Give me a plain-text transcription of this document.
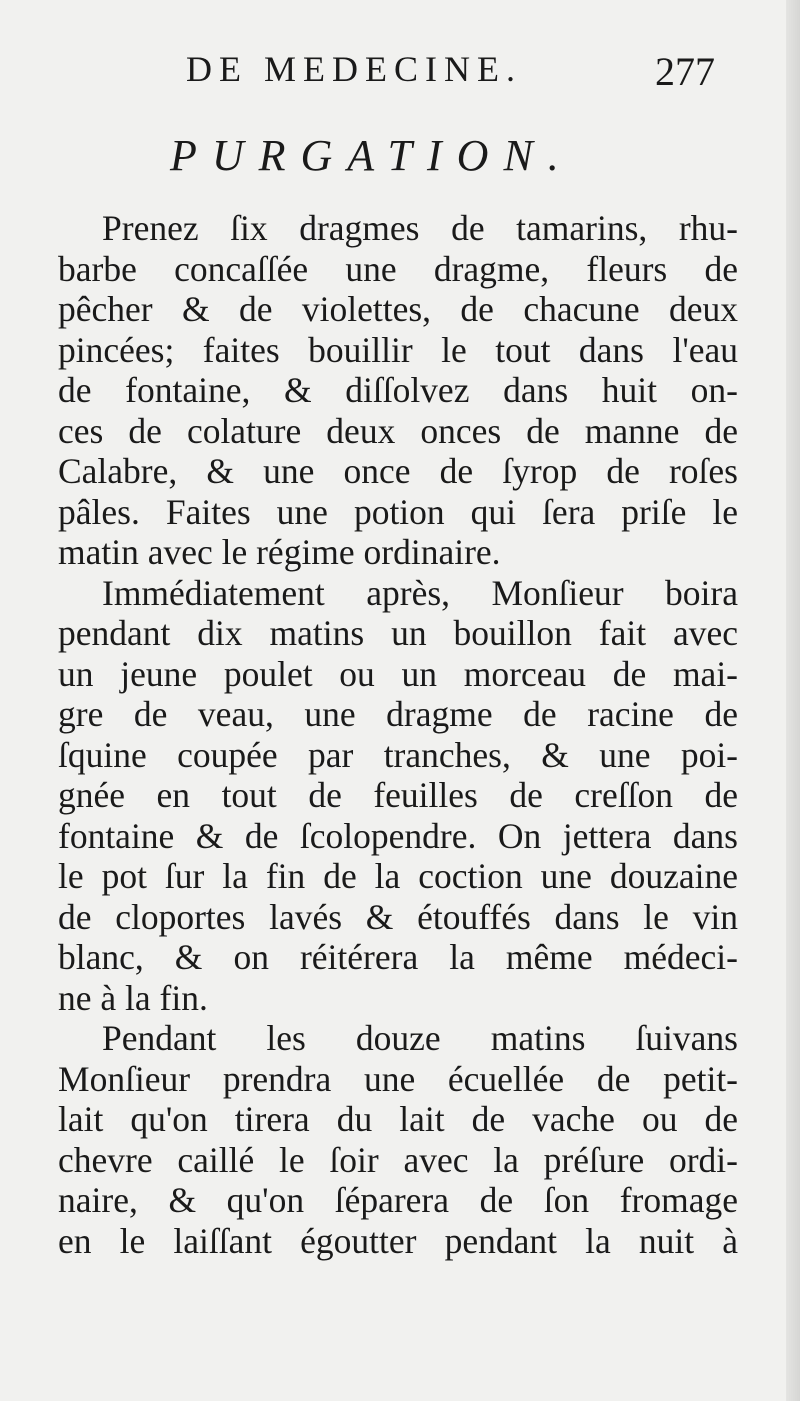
DE MEDECINE.	277
PURGATION.

Prenez ſix dragmes de tamarins, rhu-
barbe concaſſée une dragme, fleurs de
pêcher & de violettes, de chacune deux
pincées; faites bouillir le tout dans l'eau
de fontaine, & diſſolvez dans huit on-
ces de colature deux onces de manne de
Calabre, & une once de ſyrop de roſes
pâles. Faites une potion qui ſera priſe le
matin avec le régime ordinaire.

Immédiatement après, Monſieur boira
pendant dix matins un bouillon fait avec
un jeune poulet ou un morceau de mai-
gre de veau, une dragme de racine de
ſquine coupée par tranches, & une poi-
gnée en tout de feuilles de creſſon de
fontaine & de ſcolopendre. On jettera dans
le pot ſur la fin de la coction une douzaine
de cloportes lavés & étouffés dans le vin
blanc, & on réitérera la même médeci-
ne à la fin.

Pendant les douze matins ſuivans
Monſieur prendra une écuellée de petit-
lait qu'on tirera du lait de vache ou de
chevre caillé le ſoir avec la préſure ordi-
naire, & qu'on ſéparera de ſon fromage
en le laiſſant égoutter pendant la nuit à
